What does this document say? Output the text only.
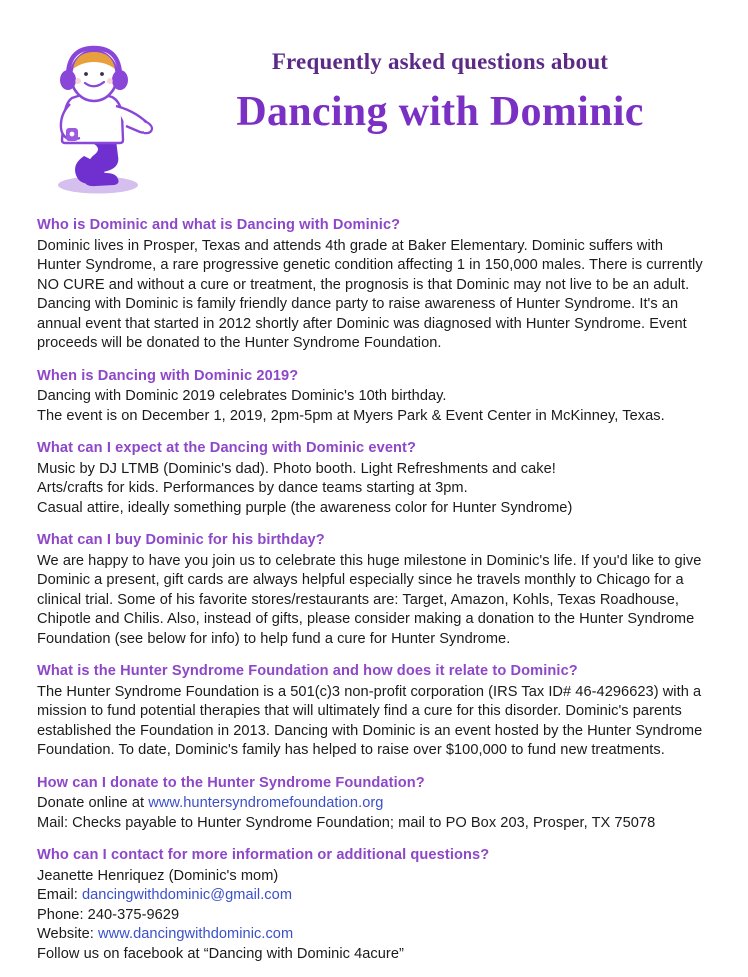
Frequently asked questions about
Dancing with Dominic
Who is Dominic and what is Dancing with Dominic?

Dominic lives in Prosper, Texas and attends 4th grade at Baker Elementary. Dominic suffers with Hunter Syndrome, a rare progressive genetic condition affecting 1 in 150,000 males. There is currently NO CURE and without a cure or treatment, the prognosis is that Dominic may not live to be an adult. Dancing with Dominic is family friendly dance party to raise awareness of Hunter Syndrome. It's an annual event that started in 2012 shortly after Dominic was diagnosed with Hunter Syndrome. Event proceeds will be donated to the Hunter Syndrome Foundation.

When is Dancing with Dominic 2019?

Dancing with Dominic 2019 celebrates Dominic's 10th birthday.

The event is on December 1, 2019, 2pm-5pm at Myers Park & Event Center in McKinney, Texas.

What can I expect at the Dancing with Dominic event?

Music by DJ LTMB (Dominic's dad). Photo booth. Light Refreshments and cake!

Arts/crafts for kids. Performances by dance teams starting at 3pm.

Casual attire, ideally something purple (the awareness color for Hunter Syndrome)

What can I buy Dominic for his birthday?

We are happy to have you join us to celebrate this huge milestone in Dominic's life. If you'd like to give Dominic a present, gift cards are always helpful especially since he travels monthly to Chicago for a clinical trial. Some of his favorite stores/restaurants are: Target, Amazon, Kohls, Texas Roadhouse, Chipotle and Chilis. Also, instead of gifts, please consider making a donation to the Hunter Syndrome Foundation (see below for info) to help fund a cure for Hunter Syndrome.

What is the Hunter Syndrome Foundation and how does it relate to Dominic?

The Hunter Syndrome Foundation is a 501(c)3 non-profit corporation (IRS Tax ID# 46-4296623) with a mission to fund potential therapies that will ultimately find a cure for this disorder. Dominic's parents established the Foundation in 2013. Dancing with Dominic is an event hosted by the Hunter Syndrome Foundation. To date, Dominic's family has helped to raise over $100,000 to fund new treatments.

How can I donate to the Hunter Syndrome Foundation?

Donate online at www.huntersyndromefoundation.org

Mail: Checks payable to Hunter Syndrome Foundation; mail to PO Box 203, Prosper, TX 75078

Who can I contact for more information or additional questions?

Jeanette Henriquez (Dominic's mom)

Email: dancingwithdominic@gmail.com

Phone: 240-375-9629

Website: www.dancingwithdominic.com

Follow us on facebook at “Dancing with Dominic 4acure”
